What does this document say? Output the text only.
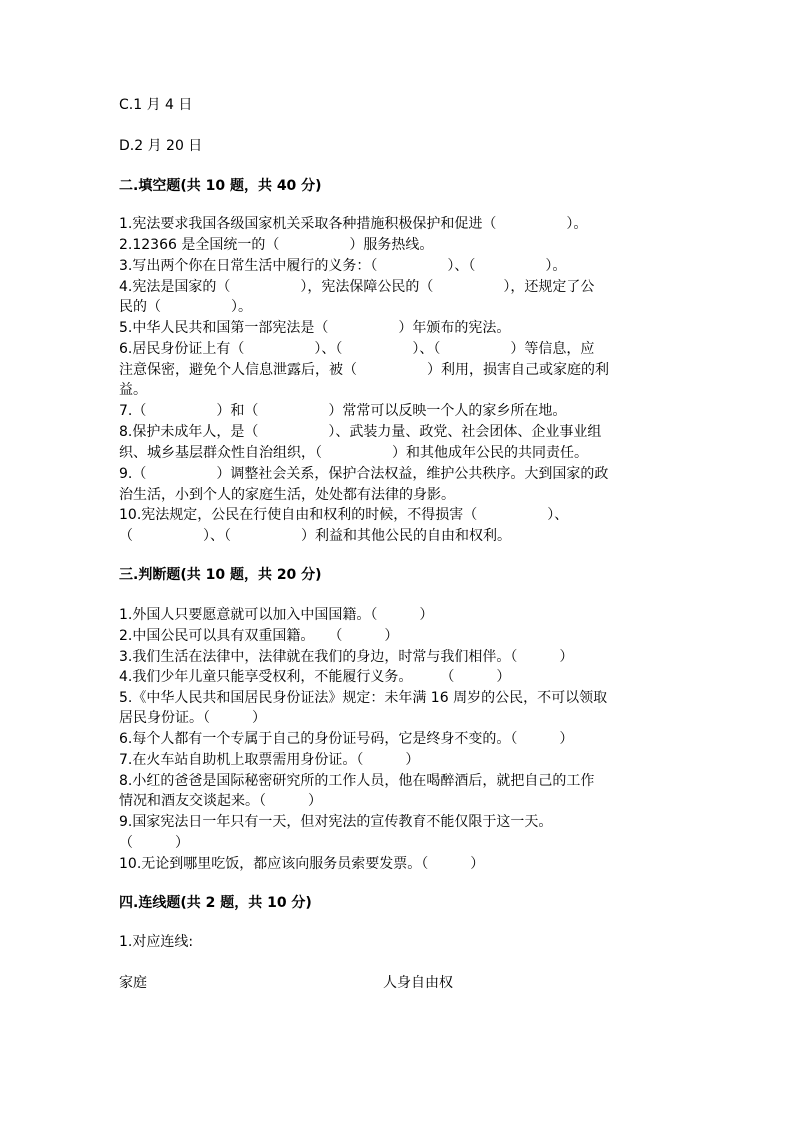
C.1 月 4 日
D.2 月 20 日
二.填空题(共 10 题，共 40 分)
1.宪法要求我国各级国家机关采取各种措施积极保护和促进（　　　　　）。
2.12366 是全国统一的（　　　　　）服务热线。
3.写出两个你在日常生活中履行的义务：（　　　　　）、（　　　　　）。
4.宪法是国家的（　　　　　），宪法保障公民的（　　　　　），还规定了公
民的（　　　　　）。
5.中华人民共和国第一部宪法是（　　　　　）年颁布的宪法。
6.居民身份证上有（　　　　　）、（　　　　　）、（　　　　　）等信息，应
注意保密，避免个人信息泄露后，被（　　　　　）利用，损害自己或家庭的利
益。
7.（　　　　　）和（　　　　　）常常可以反映一个人的家乡所在地。
8.保护未成年人，是（　　　　　）、武装力量、政党、社会团体、企业事业组
织、城乡基层群众性自治组织，（　　　　　）和其他成年公民的共同责任。
9.（　　　　　）调整社会关系，保护合法权益，维护公共秩序。大到国家的政
治生活，小到个人的家庭生活，处处都有法律的身影。
10.宪法规定，公民在行使自由和权利的时候，不得损害（　　　　　）、
（　　　　　）、（　　　　　）利益和其他公民的自由和权利。
三.判断题(共 10 题，共 20 分)
1.外国人只要愿意就可以加入中国国籍。（　　　）
2.中国公民可以具有双重国籍。　　（　　　）
3.我们生活在法律中，法律就在我们的身边，时常与我们相伴。（　　　）
4.我们少年儿童只能享受权利，不能履行义务。　　　（　　　）
5.《中华人民共和国居民身份证法》规定：未年满 16 周岁的公民，不可以领取
居民身份证。（　　　）
6.每个人都有一个专属于自己的身份证号码，它是终身不变的。（　　　）
7.在火车站自助机上取票需用身份证。（　　　）
8.小红的爸爸是国际秘密研究所的工作人员，他在喝醉酒后，就把自己的工作
情况和酒友交谈起来。（　　　）
9.国家宪法日一年只有一天，但对宪法的宣传教育不能仅限于这一天。
（　　　）
10.无论到哪里吃饭，都应该向服务员索要发票。（　　　）
四.连线题(共 2 题，共 10 分)
1.对应连线:
家庭	人身自由权
